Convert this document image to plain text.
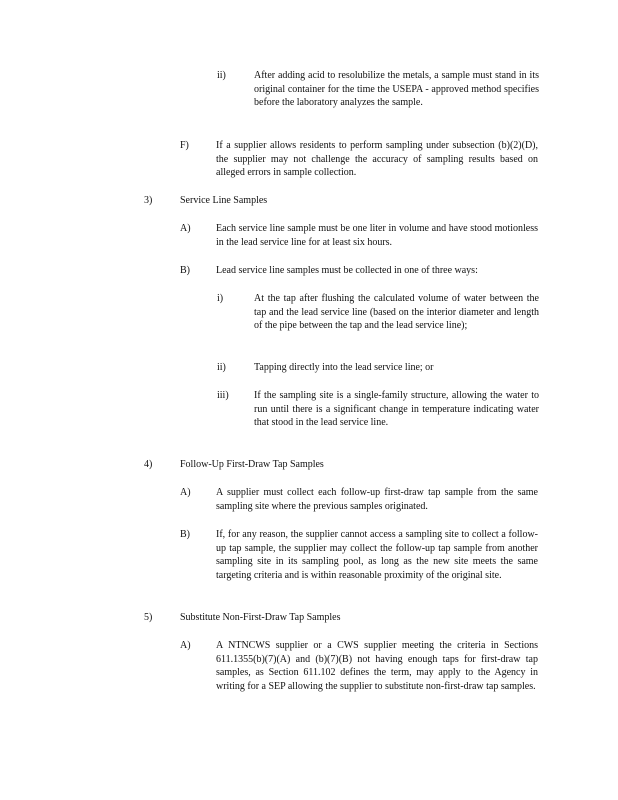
ii)	After adding acid to resolubilize the metals, a sample must stand in its original container for the time the USEPA - approved method specifies before the laboratory analyzes the sample.
F)	If a supplier allows residents to perform sampling under subsection (b)(2)(D), the supplier may not challenge the accuracy of sampling results based on alleged errors in sample collection.
3)	Service Line Samples
A)	Each service line sample must be one liter in volume and have stood motionless in the lead service line for at least six hours.
B)	Lead service line samples must be collected in one of three ways:
i)	At the tap after flushing the calculated volume of water between the tap and the lead service line (based on the interior diameter and length of the pipe between the tap and the lead service line);
ii)	Tapping directly into the lead service line; or
iii)	If the sampling site is a single-family structure, allowing the water to run until there is a significant change in temperature indicating water that stood in the lead service line.
4)	Follow-Up First-Draw Tap Samples
A)	A supplier must collect each follow-up first-draw tap sample from the same sampling site where the previous samples originated.
B)	If, for any reason, the supplier cannot access a sampling site to collect a follow-up tap sample, the supplier may collect the follow-up tap sample from another sampling site in its sampling pool, as long as the new site meets the same targeting criteria and is within reasonable proximity of the original site.
5)	Substitute Non-First-Draw Tap Samples
A)	A NTNCWS supplier or a CWS supplier meeting the criteria in Sections 611.1355(b)(7)(A) and (b)(7)(B) not having enough taps for first-draw tap samples, as Section 611.102 defines the term, may apply to the Agency in writing for a SEP allowing the supplier to substitute non-first-draw tap samples.
